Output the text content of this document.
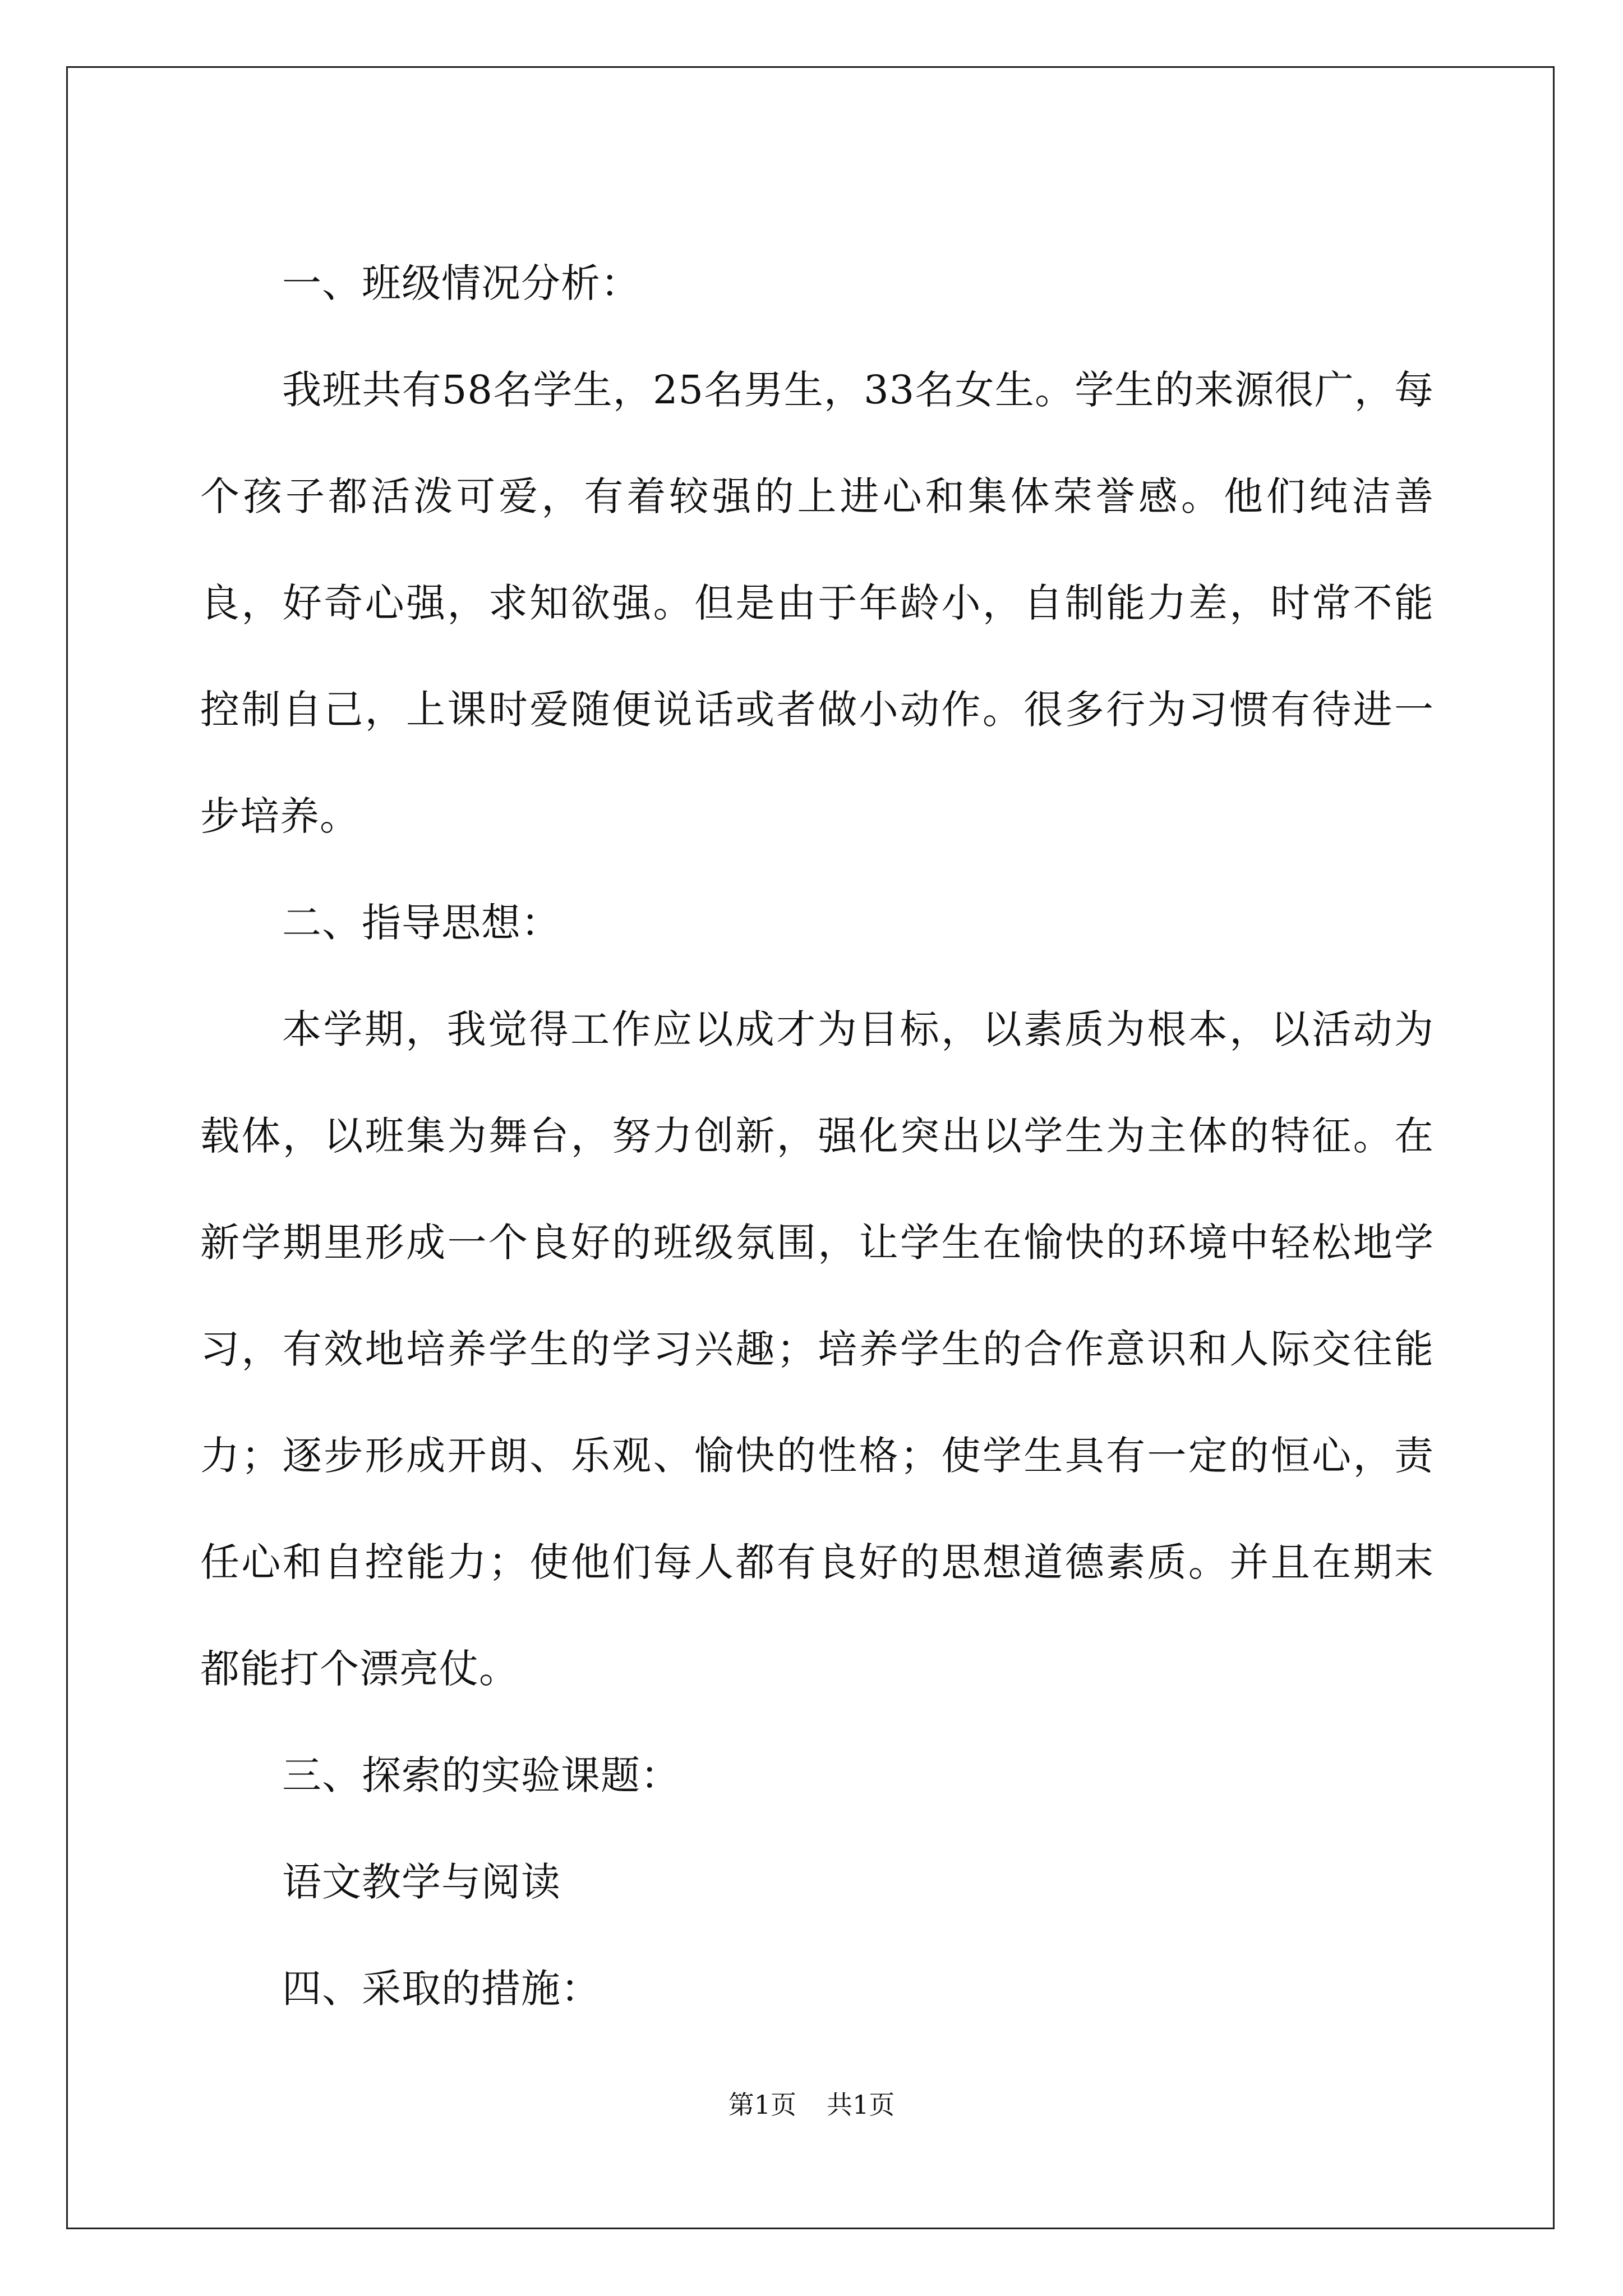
一、班级情况分析：

我班共有58名学生，25名男生，33名女生。学生的来源很广，每个孩子都活泼可爱，有着较强的上进心和集体荣誉感。他们纯洁善良，好奇心强，求知欲强。但是由于年龄小，自制能力差，时常不能控制自己，上课时爱随便说话或者做小动作。很多行为习惯有待进一步培养。

二、指导思想：

本学期，我觉得工作应以成才为目标，以素质为根本，以活动为载体，以班集为舞台，努力创新，强化突出以学生为主体的特征。在新学期里形成一个良好的班级氛围，让学生在愉快的环境中轻松地学习，有效地培养学生的学习兴趣；培养学生的合作意识和人际交往能力；逐步形成开朗、乐观、愉快的性格；使学生具有一定的恒心，责任心和自控能力；使他们每人都有良好的思想道德素质。并且在期末都能打个漂亮仗。

三、探索的实验课题：

语文教学与阅读

四、采取的措施：

第1页 共1页
